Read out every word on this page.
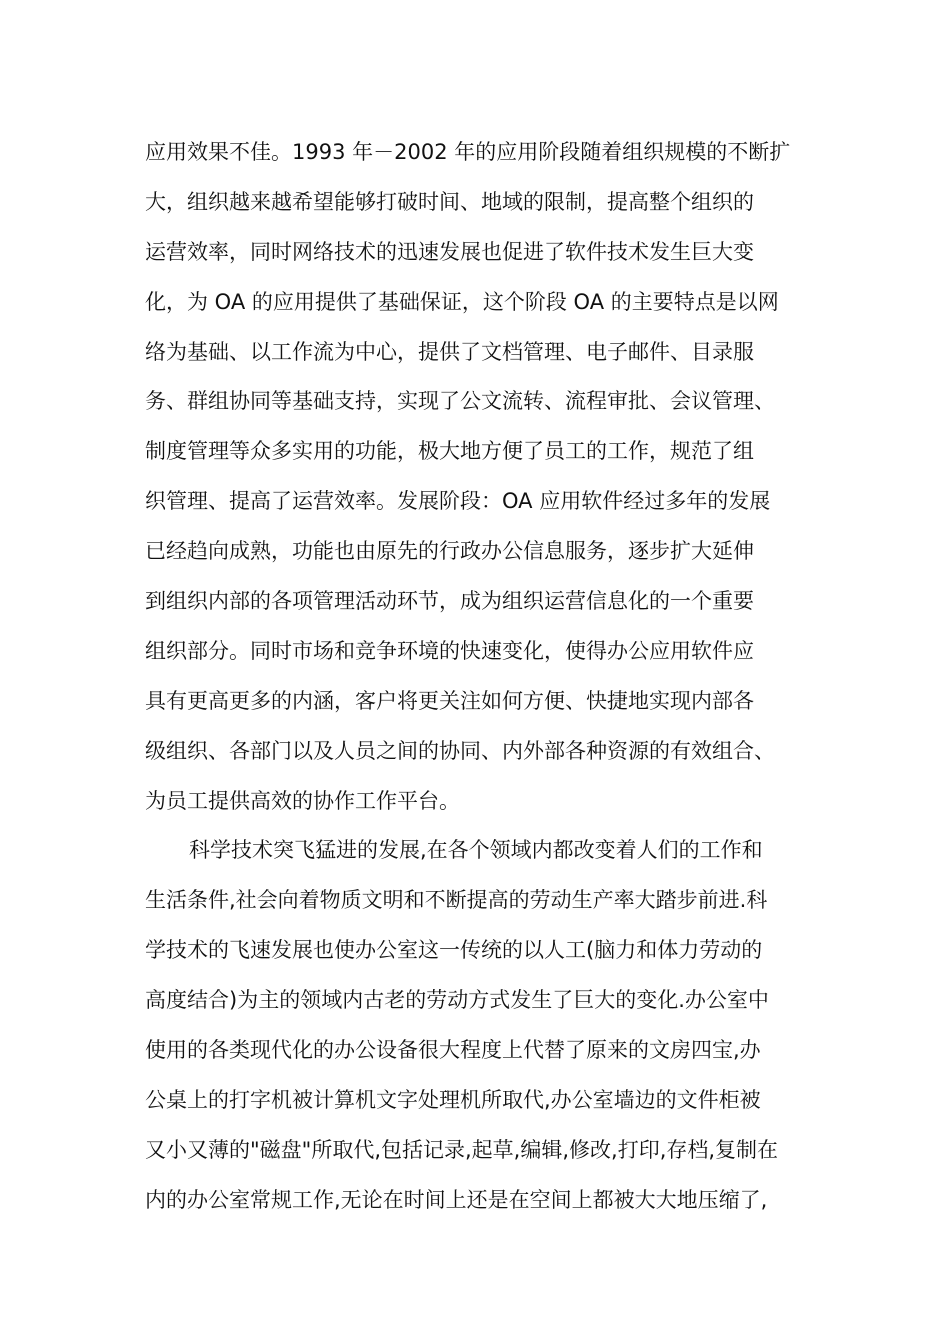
应用效果不佳。1993 年－2002 年的应用阶段随着组织规模的不断扩
大，组织越来越希望能够打破时间、地域的限制，提高整个组织的
运营效率，同时网络技术的迅速发展也促进了软件技术发生巨大变
化，为 OA 的应用提供了基础保证，这个阶段 OA 的主要特点是以网
络为基础、以工作流为中心，提供了文档管理、电子邮件、目录服
务、群组协同等基础支持，实现了公文流转、流程审批、会议管理、
制度管理等众多实用的功能，极大地方便了员工的工作，规范了组
织管理、提高了运营效率。发展阶段：OA 应用软件经过多年的发展
已经趋向成熟，功能也由原先的行政办公信息服务，逐步扩大延伸
到组织内部的各项管理活动环节，成为组织运营信息化的一个重要
组织部分。同时市场和竞争环境的快速变化，使得办公应用软件应
具有更高更多的内涵，客户将更关注如何方便、快捷地实现内部各
级组织、各部门以及人员之间的协同、内外部各种资源的有效组合、
为员工提供高效的协作工作平台。
科学技术突飞猛进的发展,在各个领域内都改变着人们的工作和
生活条件,社会向着物质文明和不断提高的劳动生产率大踏步前进.科
学技术的飞速发展也使办公室这一传统的以人工(脑力和体力劳动的
高度结合)为主的领域内古老的劳动方式发生了巨大的变化.办公室中
使用的各类现代化的办公设备很大程度上代替了原来的文房四宝,办
公桌上的打字机被计算机文字处理机所取代,办公室墙边的文件柜被
又小又薄的"磁盘"所取代,包括记录,起草,编辑,修改,打印,存档,复制在
内的办公室常规工作,无论在时间上还是在空间上都被大大地压缩了,
